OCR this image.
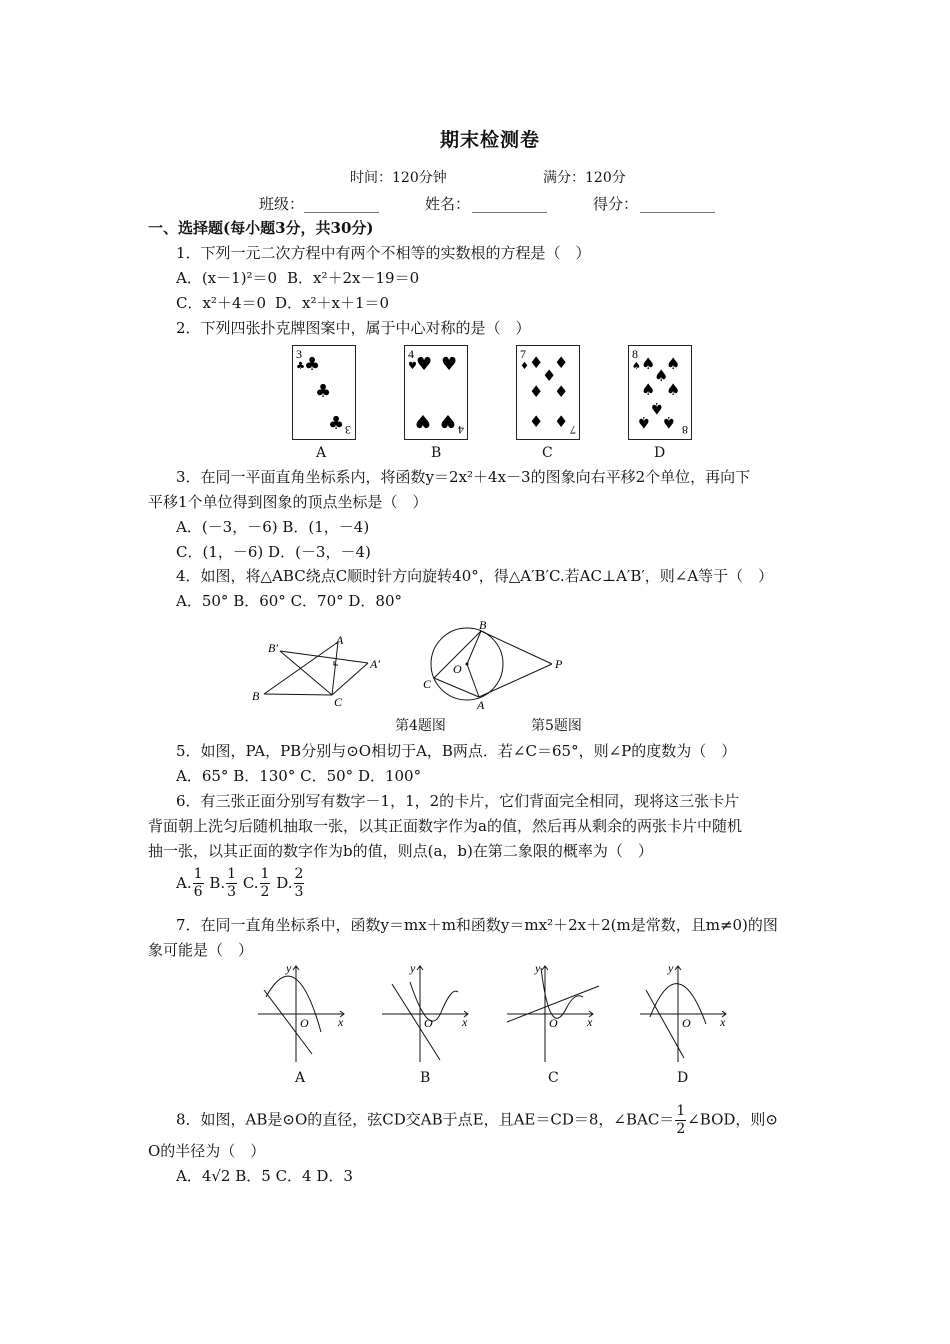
期末检测卷
时间：120分钟	满分：120分
班级： __________	姓名： __________	得分： __________
一、选择题(每小题3分，共30分)
1．下列一元二次方程中有两个不相等的实数根的方程是（　）
A．(x－1)²＝0 B．x²＋2x－19＝0
C．x²＋4＝0 D．x²＋x＋1＝0
2．下列四张扑克牌图案中，属于中心对称的是（　）
3
♣ ♣
♣
♣ 3
A
4
♥ ♥ ♥
♥ ♥ 4
B
7
♦ ♦ ♦
♦
♦ ♦
♦ ♦ 7
C
8
♠ ♠ ♠
♠
♠ ♠
♠
♠ ♠ 8
D
3．在同一平面直角坐标系内，将函数y＝2x²＋4x－3的图象向右平移2个单位，再向下
平移1个单位得到图象的顶点坐标是（　）
A．(－3，－6) B．(1，－4)
C．(1，－6) D．(－3，－4)
4．如图，将△ABC绕点C顺时针方向旋转40°，得△A′B′C.若AC⊥A′B′，则∠A等于（　）
A．50° B．60° C．70° D．80°
B′
A
A′
B	C
B
O	P
C
A
第4题图	第5题图
5．如图，PA，PB分别与⊙O相切于A，B两点．若∠C＝65°，则∠P的度数为（　）
A．65° B．130° C．50° D．100°
6．有三张正面分别写有数字－1，1，2的卡片，它们背面完全相同，现将这三张卡片
背面朝上洗匀后随机抽取一张，以其正面数字作为a的值，然后再从剩余的两张卡片中随机
抽一张，以其正面的数字作为b的值，则点(a，b)在第二象限的概率为（　）
A. $\frac{1}{6} B$. $\frac{1}{3} C$. $\frac{1}{2} D$. $\frac{2}{3}$
7．在同一直角坐标系中，函数y＝mx＋m和函数y＝mx²＋2x＋2(m是常数，且m≠0)的图
象可能是（　）
y
x
O
A
y
x
O
B
y
x
O
C
y
x
O
D
8．如图，AB是⊙O的直径，弦CD交AB于点E，且AE＝CD＝8，∠BAC＝ $\frac{1}{2}$ ∠BOD，则⊙
O的半径为（　）
A．4√2 B．5 C．4 D．3
